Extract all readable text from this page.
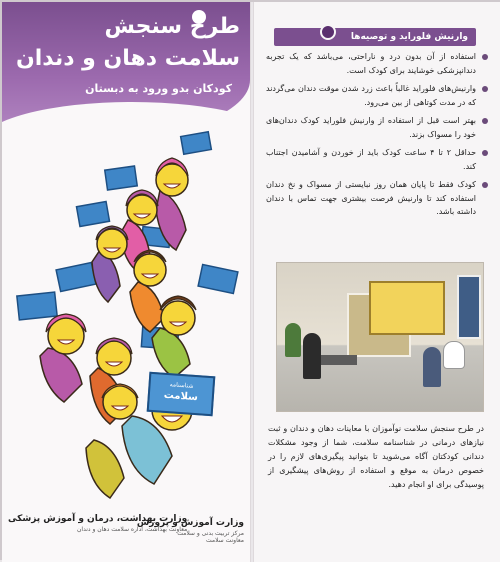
طرح سنجش
سلامت دهان و دندان
کودکان بدو ورود به دبستان
شناسنامه
سلامت
وزارت آموزش و پرورش
مرکز تربیت بدنی و سلامت
معاونت سلامت
وزارت بهداشت، درمان و آموزش پزشکی
معاونت بهداشت، اداره سلامت دهان و دندان
وارنیش فلوراید و توصیه‌ها
استفاده از آن بدون درد و ناراحتی، می‌باشد که یک تجربه دندانپزشکی خوشایند برای کودک است.
وارنیش‌های فلوراید غالباً باعث زرد شدن موقت دندان می‌گردند که در مدت کوتاهی از بین می‌رود.
بهتر است قبل از استفاده از وارنیش فلوراید کودک دندان‌های خود را مسواک بزند.
حداقل ۲ تا ۴ ساعت کودک باید از خوردن و آشامیدن اجتناب کند.
کودک فقط تا پایان همان روز نبایستی از مسواک و نخ دندان استفاده کند تا وارنیش فرصت بیشتری جهت تماس با دندان داشته باشد.
در طرح سنجش سلامت نوآموزان با معاینات دهان و دندان و ثبت نیازهای درمانی در شناسنامه سلامت، شما از وجود مشکلات دندانی کودکتان آگاه می‌شوید تا بتوانید پیگیری‌های لازم را در خصوص درمان به موقع و استفاده از روش‌های پیشگیری از پوسیدگی برای او انجام دهید.
